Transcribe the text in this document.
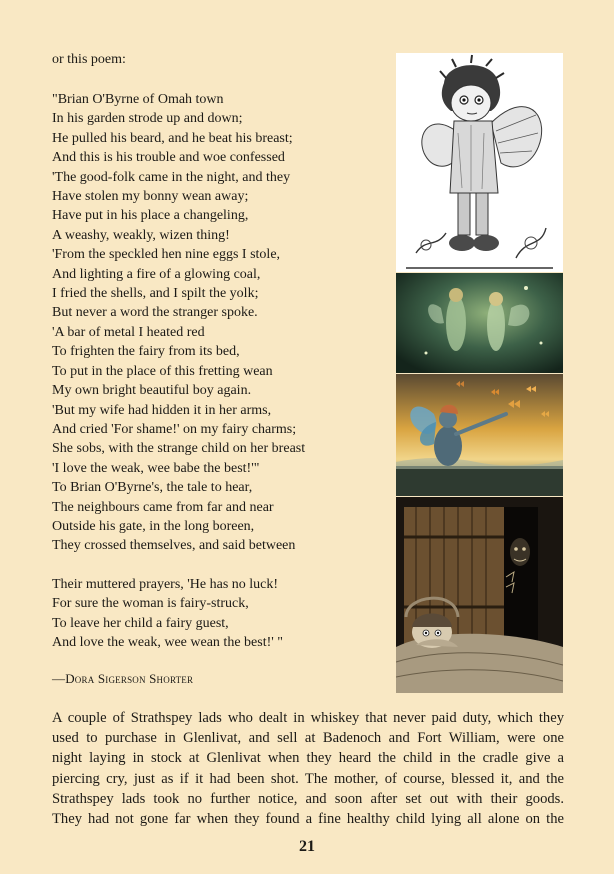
or this poem:
"Brian O'Byrne of Omah town
In his garden strode up and down;
He pulled his beard, and he beat his breast;
And this is his trouble and woe confessed
'The good-folk came in the night, and they
Have stolen my bonny wean away;
Have put in his place a changeling,
A weashy, weakly, wizen thing!
'From the speckled hen nine eggs I stole,
And lighting a fire of a glowing coal,
I fried the shells, and I spilt the yolk;
But never a word the stranger spoke.
'A bar of metal I heated red
To frighten the fairy from its bed,
To put in the place of this fretting wean
My own bright beautiful boy again.
'But my wife had hidden it in her arms,
And cried 'For shame!' on my fairy charms;
She sobs, with the strange child on her breast
'I love the weak, wee babe the best!'"
To Brian O'Byrne's, the tale to hear,
The neighbours came from far and near
Outside his gate, in the long boreen,
They crossed themselves, and said between
Their muttered prayers, 'He has no luck!
For sure the woman is fairy-struck,
To leave her child a fairy guest,
And love the weak, wee wean the best!' "
—Dora Sigerson Shorter
A couple of Strathspey lads who dealt in whiskey that never paid duty, which they
used to purchase in Glenlivat, and sell at Badenoch and Fort William, were one
night laying in stock at Glenlivat when they heard the child in the cradle give a
piercing cry, just as if it had been shot. The mother, of course, blessed it, and the
Strathspey lads took no further notice, and soon after set out with their goods.
They had not gone far when they found a fine healthy child lying all alone on the
21
